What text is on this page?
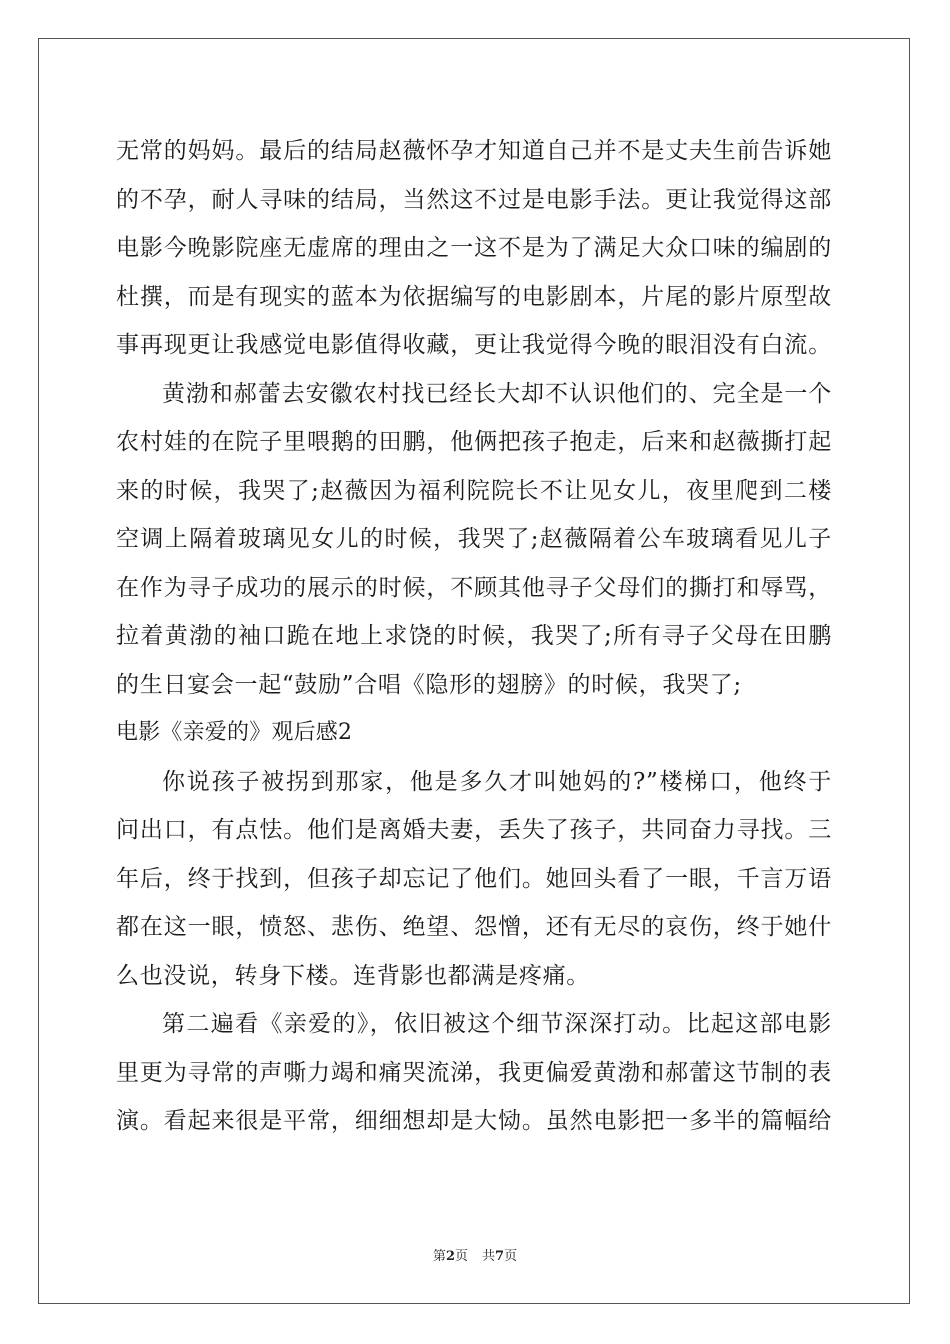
无常的妈妈。最后的结局赵薇怀孕才知道自己并不是丈夫生前告诉她
的不孕，耐人寻味的结局，当然这不过是电影手法。更让我觉得这部
电影今晚影院座无虚席的理由之一这不是为了满足大众口味的编剧的
杜撰，而是有现实的蓝本为依据编写的电影剧本，片尾的影片原型故
事再现更让我感觉电影值得收藏，更让我觉得今晚的眼泪没有白流。
黄渤和郝蕾去安徽农村找已经长大却不认识他们的、完全是一个
农村娃的在院子里喂鹅的田鹏，他俩把孩子抱走，后来和赵薇撕打起
来的时候，我哭了;赵薇因为福利院院长不让见女儿，夜里爬到二楼
空调上隔着玻璃见女儿的时候，我哭了;赵薇隔着公车玻璃看见儿子
在作为寻子成功的展示的时候，不顾其他寻子父母们的撕打和辱骂，
拉着黄渤的袖口跪在地上求饶的时候，我哭了;所有寻子父母在田鹏
的生日宴会一起“鼓励”合唱《隐形的翅膀》的时候，我哭了;
电影《亲爱的》观后感2
你说孩子被拐到那家，他是多久才叫她妈的?”楼梯口，他终于
问出口，有点怯。他们是离婚夫妻，丢失了孩子，共同奋力寻找。三
年后，终于找到，但孩子却忘记了他们。她回头看了一眼，千言万语
都在这一眼，愤怒、悲伤、绝望、怨憎，还有无尽的哀伤，终于她什
么也没说，转身下楼。连背影也都满是疼痛。
第二遍看《亲爱的》，依旧被这个细节深深打动。比起这部电影
里更为寻常的声嘶力竭和痛哭流涕，我更偏爱黄渤和郝蕾这节制的表
演。看起来很是平常，细细想却是大恸。虽然电影把一多半的篇幅给
第2页 共7页
